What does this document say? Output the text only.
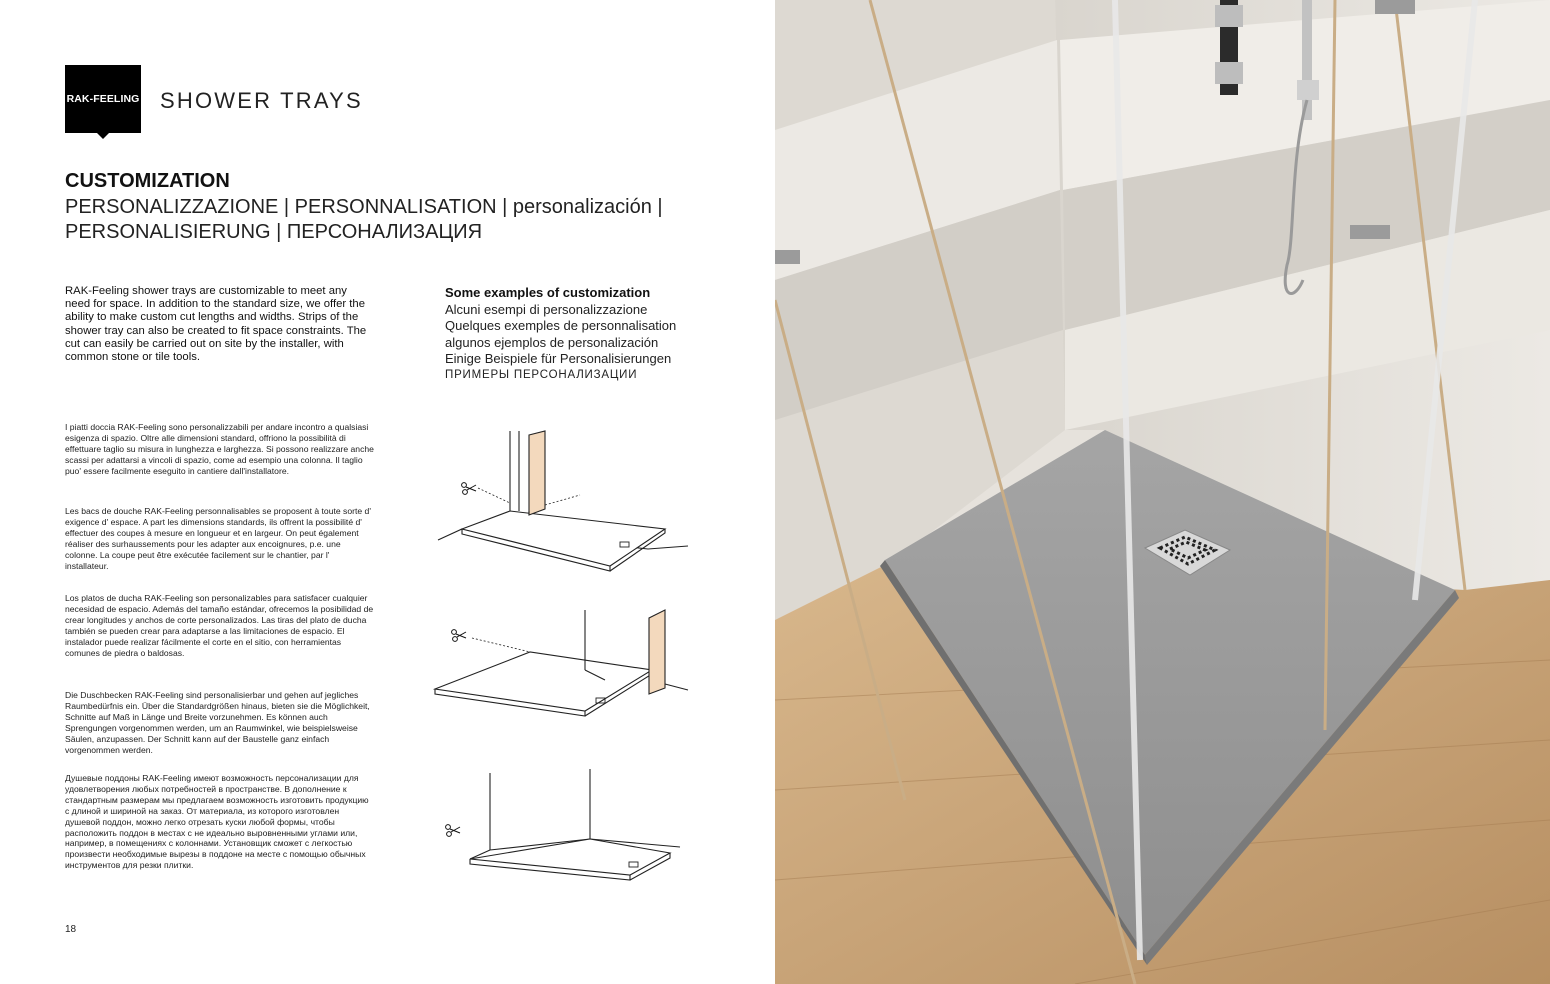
RAK-FEELING SHOWER TRAYS
CUSTOMIZATION
PERSONALIZZAZIONE | PERSONNALISATION | personalización |
PERSONALISIERUNG | ПЕРСОНАЛИЗАЦИЯ
RAK-Feeling shower trays are customizable to meet any need for space. In addition to the standard size, we offer the ability to make custom cut lengths and widths. Strips of the shower tray can also be created to fit space constraints. The cut can easily be carried out on site by the installer, with common stone or tile tools.
Some examples of customization
Alcuni esempi di personalizzazione
Quelques exemples de personnalisation
algunos ejemplos de personalización
Einige Beispiele für Personalisierungen
ПРИМЕРЫ ПЕРСОНАЛИЗАЦИИ
I piatti doccia RAK-Feeling sono personalizzabili per andare incontro a qualsiasi esigenza di spazio. Oltre alle dimensioni standard, offriono la possibilità di effettuare taglio su misura in lunghezza e larghezza. Si possono realizzare anche scassi per adattarsi a vincoli di spazio, come ad esempio una colonna. Il taglio puo' essere facilmente eseguito in cantiere dall'installatore.
Les bacs de douche RAK-Feeling personnalisables se proposent à toute sorte d' exigence d' espace. A part les dimensions standards, ils offrent la possibilité d' effectuer des coupes à mesure en longueur et en largeur. On peut également réaliser des surhaussements pour les adapter aux encoignures, p.e. une colonne. La coupe peut être exécutée facilement sur le chantier, par l' installateur.
Los platos de ducha RAK-Feeling son personalizables para satisfacer cualquier necesidad de espacio. Además del tamaño estándar, ofrecemos la posibilidad de crear longitudes y anchos de corte personalizados. Las tiras del plato de ducha también se pueden crear para adaptarse a las limitaciones de espacio. El instalador puede realizar fácilmente el corte en el sitio, con herramientas comunes de piedra o baldosas.
Die Duschbecken RAK-Feeling sind personalisierbar und gehen auf jegliches Raumbedürfnis ein. Über die Standardgrößen hinaus, bieten sie die Möglichkeit, Schnitte auf Maß in Länge und Breite vorzunehmen. Es können auch Sprengungen vorgenommen werden, um an Raumwinkel, wie beispielsweise Säulen, anzupassen. Der Schnitt kann auf der Baustelle ganz einfach vorgenommen werden.
Душевые поддоны RAK-Feeling имеют возможность персонализации для удовлетворения любых потребностей в пространстве. В дополнение к стандартным размерам мы предлагаем возможность изготовить продукцию с длиной и шириной на заказ. От материала, из которого изготовлен душевой поддон, можно легко отрезать куски любой формы, чтобы расположить поддон в местах с не идеально выровненными углами или, например, в помещениях с колоннами. Установщик сможет с легкостью произвести необходимые вырезы в поддоне на месте с помощью обычных инструментов для резки плитки.
18
